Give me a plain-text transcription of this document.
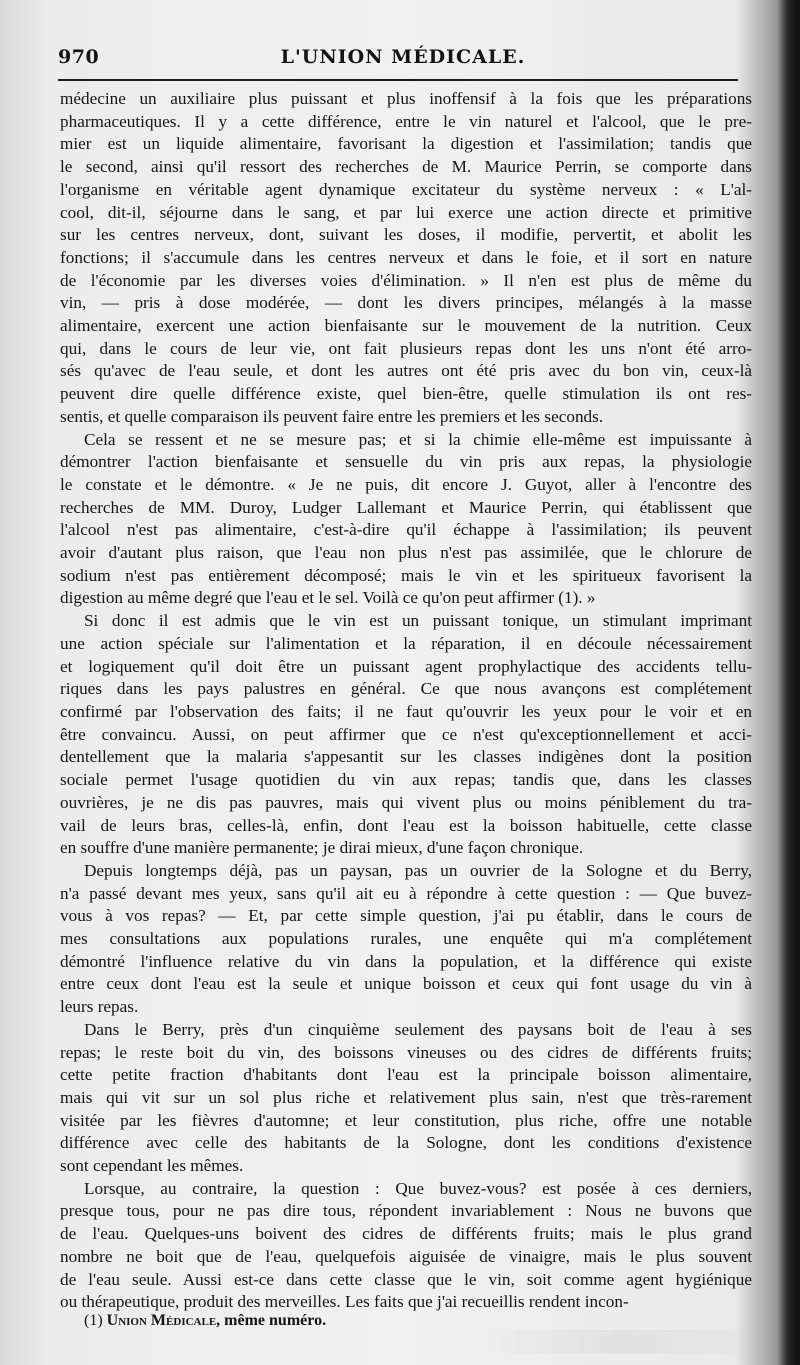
970	L'UNION MÉDICALE.
médecine un auxiliaire plus puissant et plus inoffensif à la fois que les préparations
pharmaceutiques. Il y a cette différence, entre le vin naturel et l'alcool, que le pre-
mier est un liquide alimentaire, favorisant la digestion et l'assimilation; tandis que
le second, ainsi qu'il ressort des recherches de M. Maurice Perrin, se comporte dans
l'organisme en véritable agent dynamique excitateur du système nerveux : « L'al-
cool, dit-il, séjourne dans le sang, et par lui exerce une action directe et primitive
sur les centres nerveux, dont, suivant les doses, il modifie, pervertit, et abolit les
fonctions; il s'accumule dans les centres nerveux et dans le foie, et il sort en nature
de l'économie par les diverses voies d'élimination. » Il n'en est plus de même du
vin, — pris à dose modérée, — dont les divers principes, mélangés à la masse
alimentaire, exercent une action bienfaisante sur le mouvement de la nutrition. Ceux
qui, dans le cours de leur vie, ont fait plusieurs repas dont les uns n'ont été arro-
sés qu'avec de l'eau seule, et dont les autres ont été pris avec du bon vin, ceux-là
peuvent dire quelle différence existe, quel bien-être, quelle stimulation ils ont res-
sentis, et quelle comparaison ils peuvent faire entre les premiers et les seconds.
Cela se ressent et ne se mesure pas; et si la chimie elle-même est impuissante à
démontrer l'action bienfaisante et sensuelle du vin pris aux repas, la physiologie
le constate et le démontre. « Je ne puis, dit encore J. Guyot, aller à l'encontre des
recherches de MM. Duroy, Ludger Lallemant et Maurice Perrin, qui établissent que
l'alcool n'est pas alimentaire, c'est-à-dire qu'il échappe à l'assimilation; ils peuvent
avoir d'autant plus raison, que l'eau non plus n'est pas assimilée, que le chlorure de
sodium n'est pas entièrement décomposé; mais le vin et les spiritueux favorisent la
digestion au même degré que l'eau et le sel. Voilà ce qu'on peut affirmer (1). »
Si donc il est admis que le vin est un puissant tonique, un stimulant imprimant
une action spéciale sur l'alimentation et la réparation, il en découle nécessairement
et logiquement qu'il doit être un puissant agent prophylactique des accidents tellu-
riques dans les pays palustres en général. Ce que nous avançons est complétement
confirmé par l'observation des faits; il ne faut qu'ouvrir les yeux pour le voir et en
être convaincu. Aussi, on peut affirmer que ce n'est qu'exceptionnellement et acci-
dentellement que la malaria s'appesantit sur les classes indigènes dont la position
sociale permet l'usage quotidien du vin aux repas; tandis que, dans les classes
ouvrières, je ne dis pas pauvres, mais qui vivent plus ou moins péniblement du tra-
vail de leurs bras, celles-là, enfin, dont l'eau est la boisson habituelle, cette classe
en souffre d'une manière permanente; je dirai mieux, d'une façon chronique.
Depuis longtemps déjà, pas un paysan, pas un ouvrier de la Sologne et du Berry,
n'a passé devant mes yeux, sans qu'il ait eu à répondre à cette question : — Que buvez-
vous à vos repas? — Et, par cette simple question, j'ai pu établir, dans le cours de
mes consultations aux populations rurales, une enquête qui m'a complétement
démontré l'influence relative du vin dans la population, et la différence qui existe
entre ceux dont l'eau est la seule et unique boisson et ceux qui font usage du vin à
leurs repas.
Dans le Berry, près d'un cinquième seulement des paysans boit de l'eau à ses
repas; le reste boit du vin, des boissons vineuses ou des cidres de différents fruits;
cette petite fraction d'habitants dont l'eau est la principale boisson alimentaire,
mais qui vit sur un sol plus riche et relativement plus sain, n'est que très-rarement
visitée par les fièvres d'automne; et leur constitution, plus riche, offre une notable
différence avec celle des habitants de la Sologne, dont les conditions d'existence
sont cependant les mêmes.
Lorsque, au contraire, la question : Que buvez-vous? est posée à ces derniers,
presque tous, pour ne pas dire tous, répondent invariablement : Nous ne buvons que
de l'eau. Quelques-uns boivent des cidres de différents fruits; mais le plus grand
nombre ne boit que de l'eau, quelquefois aiguisée de vinaigre, mais le plus souvent
de l'eau seule. Aussi est-ce dans cette classe que le vin, soit comme agent hygiénique
ou thérapeutique, produit des merveilles. Les faits que j'ai recueillis rendent incon-
(1) Union Médicale, même numéro.
